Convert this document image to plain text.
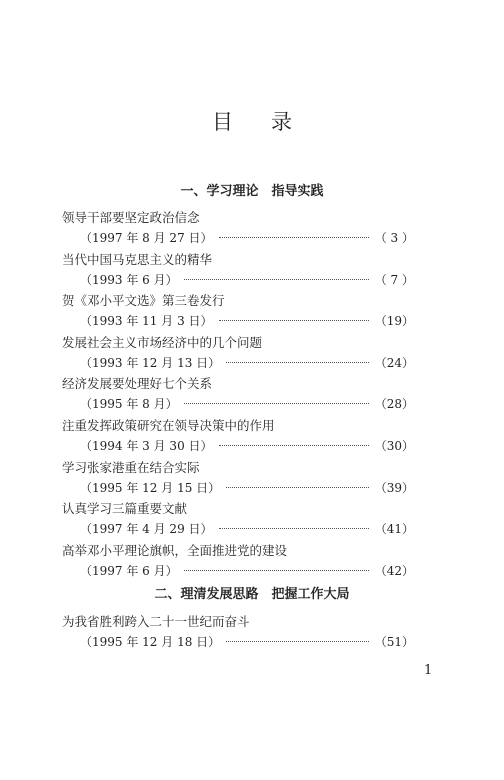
目录
一、学习理论　指导实践
领导干部要坚定政治信念
（1997 年 8 月 27 日）	（ 3 ）
当代中国马克思主义的精华
（1993 年 6 月）	（ 7 ）
贺《邓小平文选》第三卷发行
（1993 年 11 月 3 日）	（19）
发展社会主义市场经济中的几个问题
（1993 年 12 月 13 日）	（24）
经济发展要处理好七个关系
（1995 年 8 月）	（28）
注重发挥政策研究在领导决策中的作用
（1994 年 3 月 30 日）	（30）
学习张家港重在结合实际
（1995 年 12 月 15 日）	（39）
认真学习三篇重要文献
（1997 年 4 月 29 日）	（41）
高举邓小平理论旗帜，全面推进党的建设
（1997 年 6 月）	（42）
二、理清发展思路　把握工作大局
为我省胜利跨入二十一世纪而奋斗
（1995 年 12 月 18 日）	（51）
1
